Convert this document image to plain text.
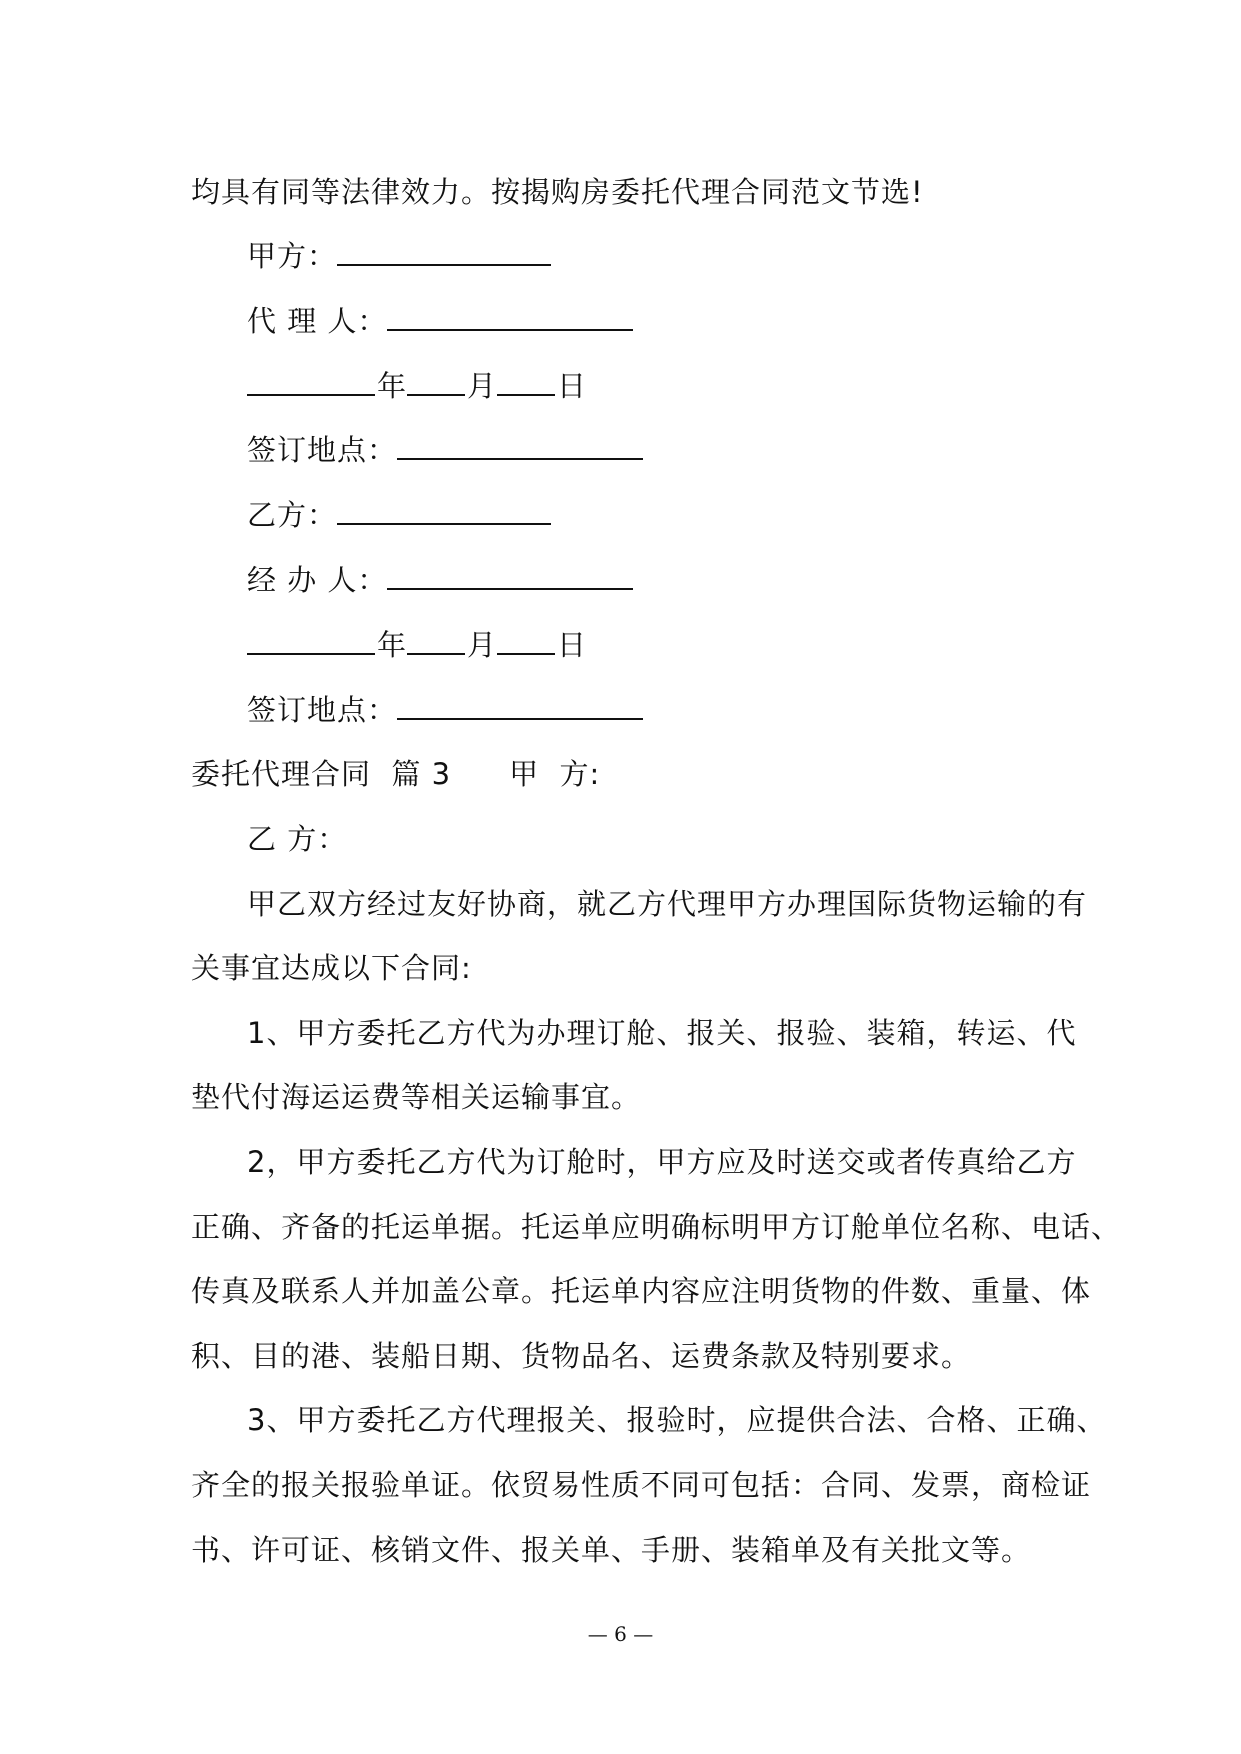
均具有同等法律效力。按揭购房委托代理合同范文节选!
甲方：
代 理 人：
年 月 日
签订地点：
乙方：
经 办 人：
年 月 日
签订地点：
委托代理合同  篇 3 甲  方:
乙 方：
甲乙双方经过友好协商，就乙方代理甲方办理国际货物运输的有
关事宜达成以下合同:
1、甲方委托乙方代为办理订舱、报关、报验、装箱，转运、代
垫代付海运运费等相关运输事宜。
2，甲方委托乙方代为订舱时，甲方应及时送交或者传真给乙方
正确、齐备的托运单据。托运单应明确标明甲方订舱单位名称、电话、
传真及联系人并加盖公章。托运单内容应注明货物的件数、重量、体
积、目的港、装船日期、货物品名、运费条款及特别要求。
3、甲方委托乙方代理报关、报验时，应提供合法、合格、正确、
齐全的报关报验单证。依贸易性质不同可包括：合同、发票，商检证
书、许可证、核销文件、报关单、手册、装箱单及有关批文等。
— 6 —
